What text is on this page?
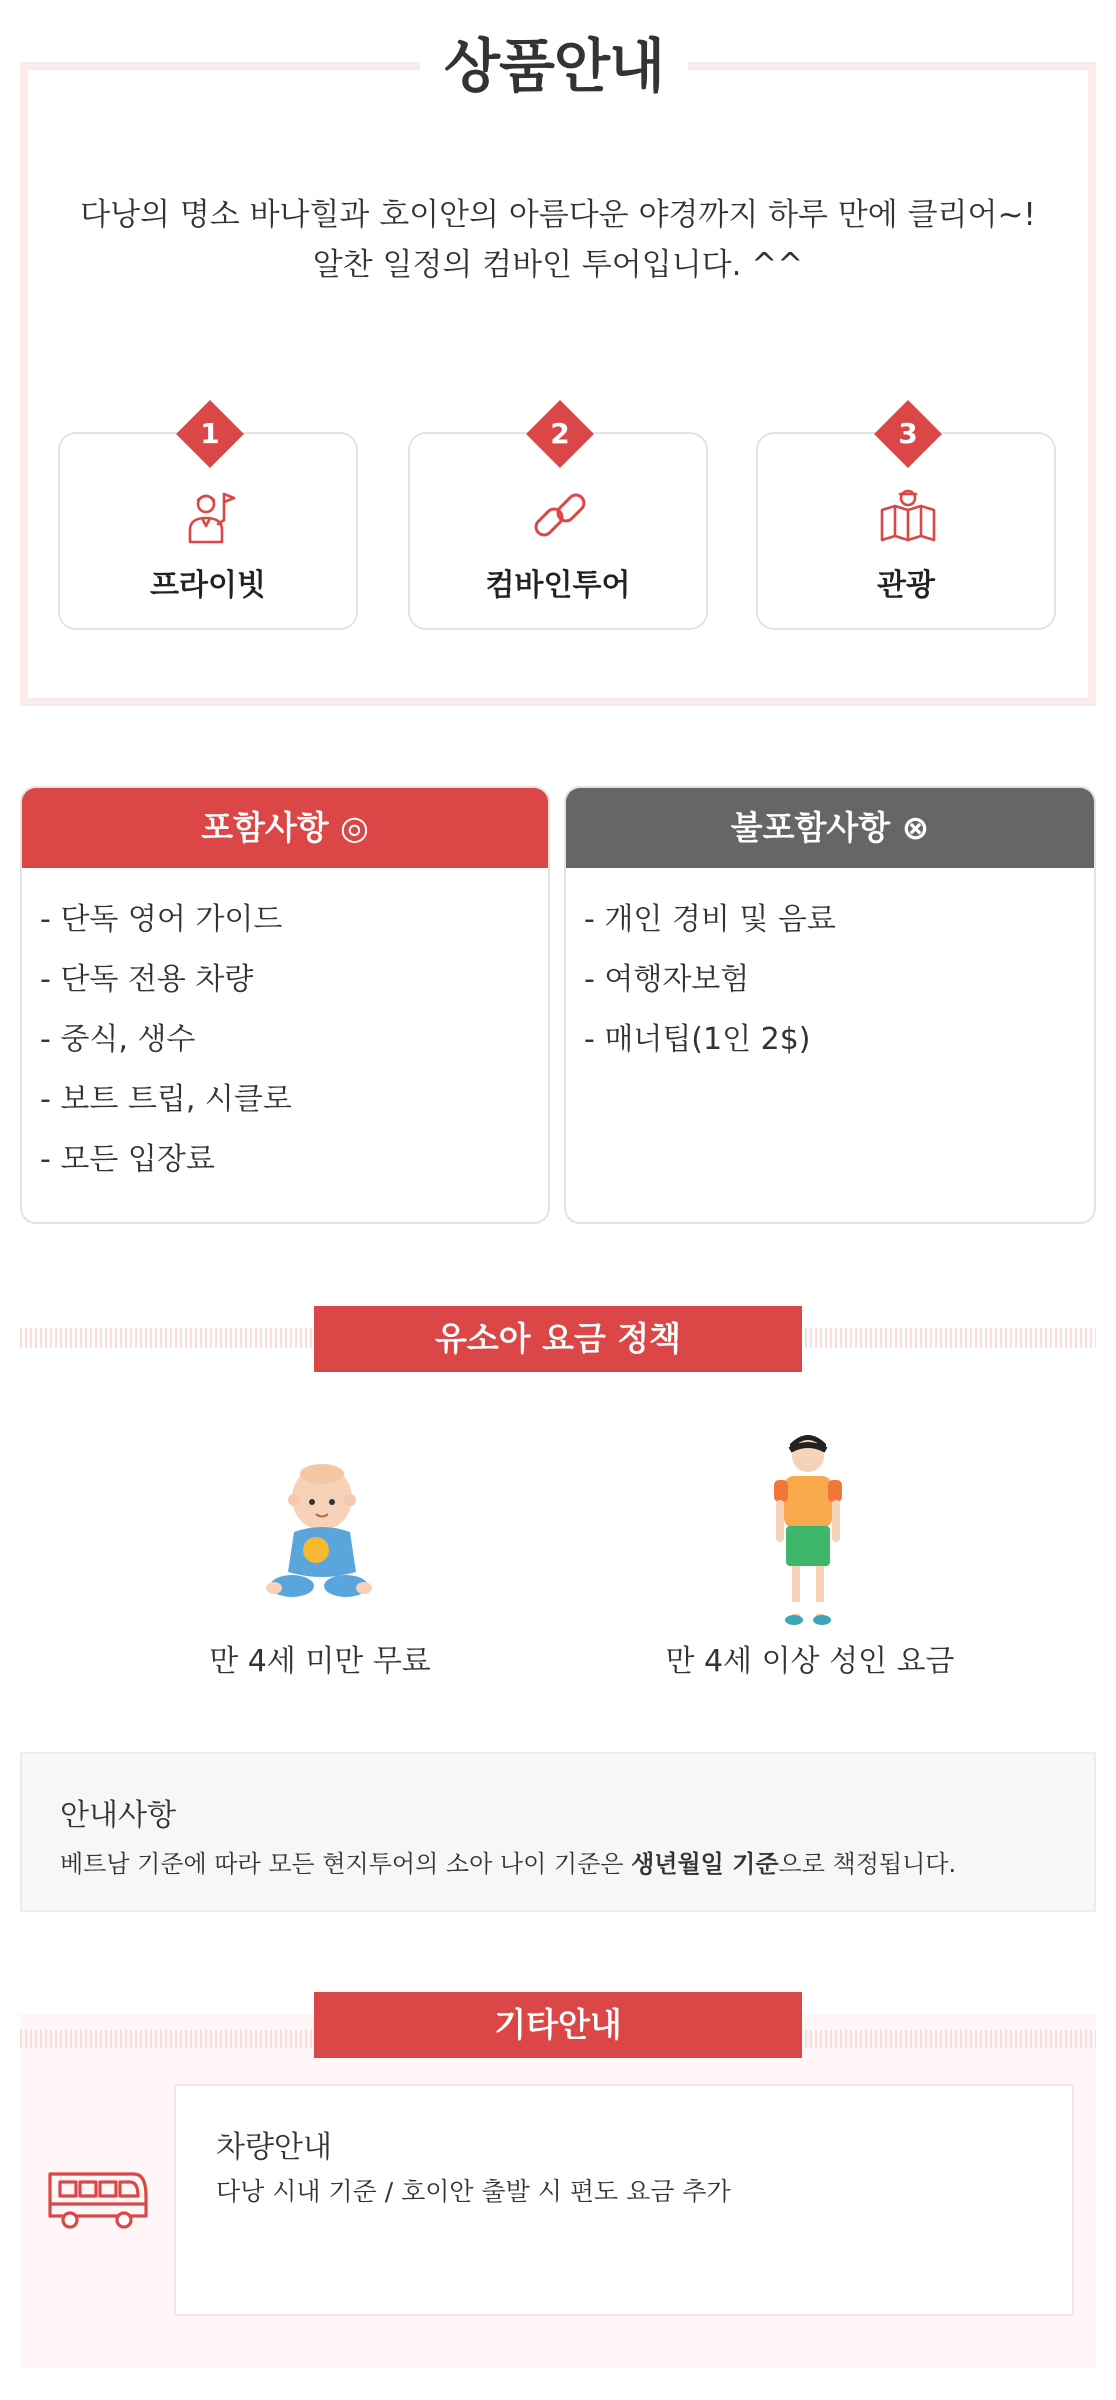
상품안내
다낭의 명소 바나힐과 호이안의 아름다운 야경까지 하루 만에 클리어~!
알찬 일정의 컴바인 투어입니다. ^^
1
프라이빗
2
컴바인투어
3
관광
포함사항 ◎
- 단독 영어 가이드
- 단독 전용 차량
- 중식, 생수
- 보트 트립, 시클로
- 모든 입장료
불포함사항 ⊗
- 개인 경비 및 음료
- 여행자보험
- 매너팁(1인 2$)
유소아 요금 정책
만 4세 미만 무료	만 4세 이상 성인 요금
안내사항
베트남 기준에 따라 모든 현지투어의 소아 나이 기준은 생년월일 기준으로 책정됩니다.
기타안내
차량안내
다낭 시내 기준 / 호이안 출발 시 편도 요금 추가
